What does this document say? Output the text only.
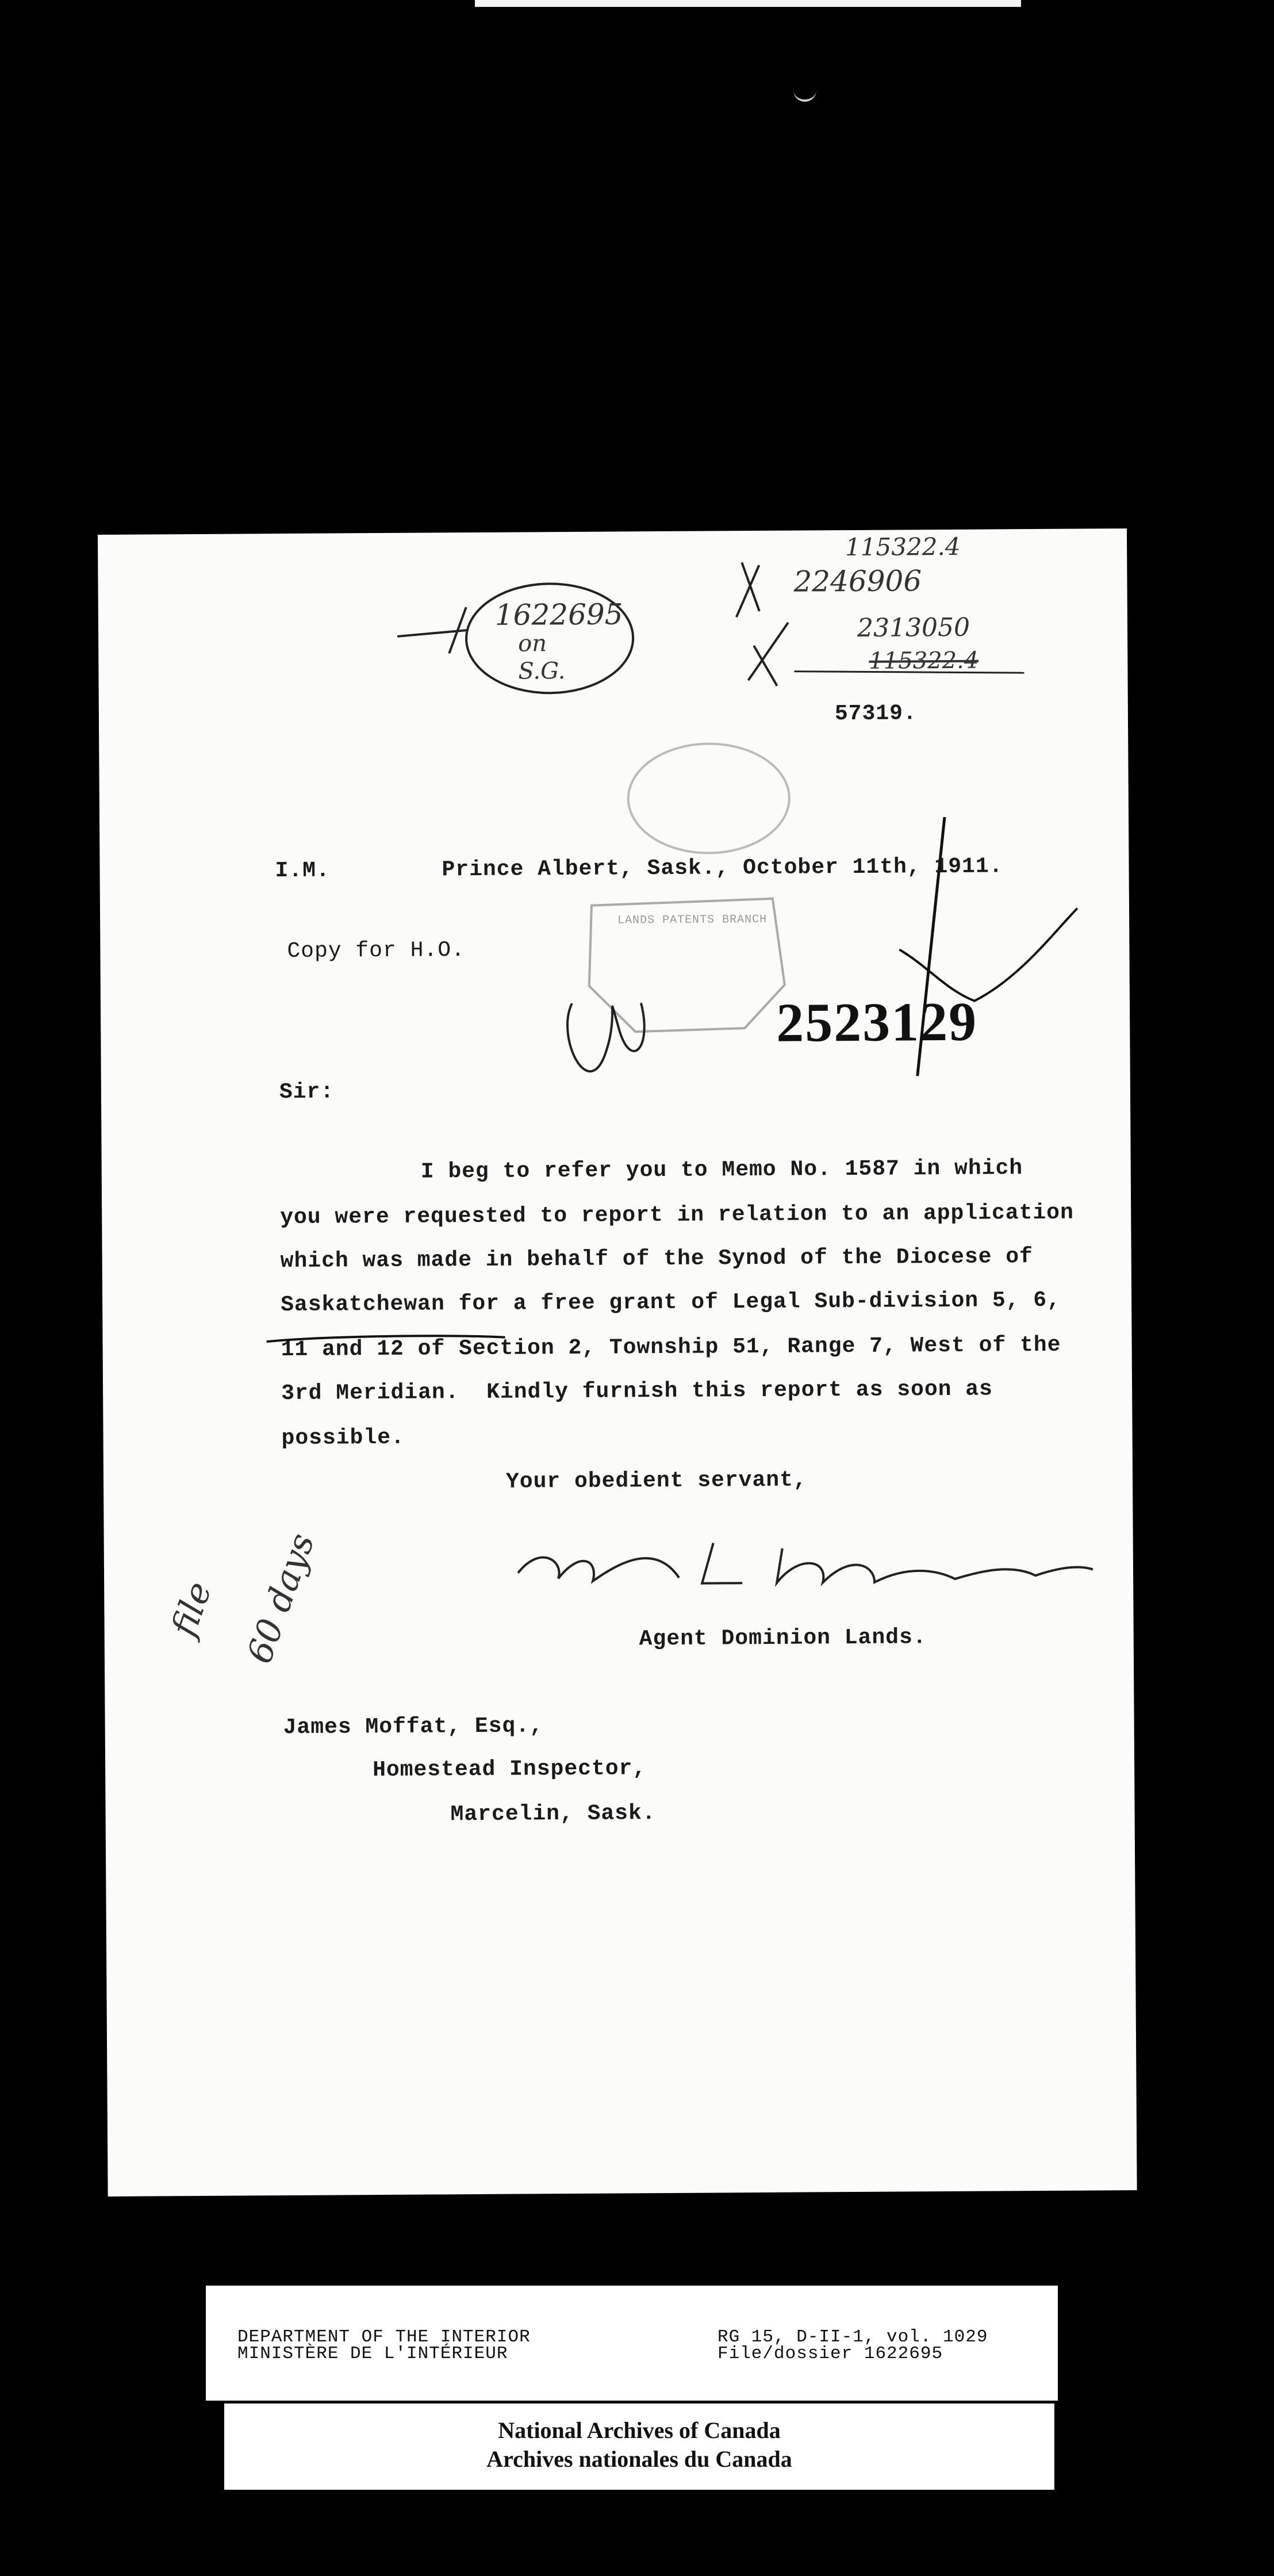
1622695
on
S.G.
115322.4
2246906
2313050
115322.4
57319.
I.M.	Prince Albert, Sask., October 11th, 1911.
Copy for H.O.
LANDS PATENTS BRANCH
2523129
Sir:
I beg to refer you to Memo No. 1587 in which
you were requested to report in relation to an application
which was made in behalf of the Synod of the Diocese of
Saskatchewan for a free grant of Legal Sub-division 5, 6,
11 and 12 of Section 2, Township 51, Range 7, West of the
3rd Meridian.  Kindly furnish this report as soon as
possible.
Your obedient servant,
Agent Dominion Lands.
file
60 days
James Moffat, Esq.,
Homestead Inspector,
Marcelin, Sask.
DEPARTMENT OF THE INTERIOR
MINISTÈRE DE L'INTÉRIEUR
RG 15, D-II-1, vol. 1029
File/dossier 1622695
National Archives of Canada
Archives nationales du Canada
